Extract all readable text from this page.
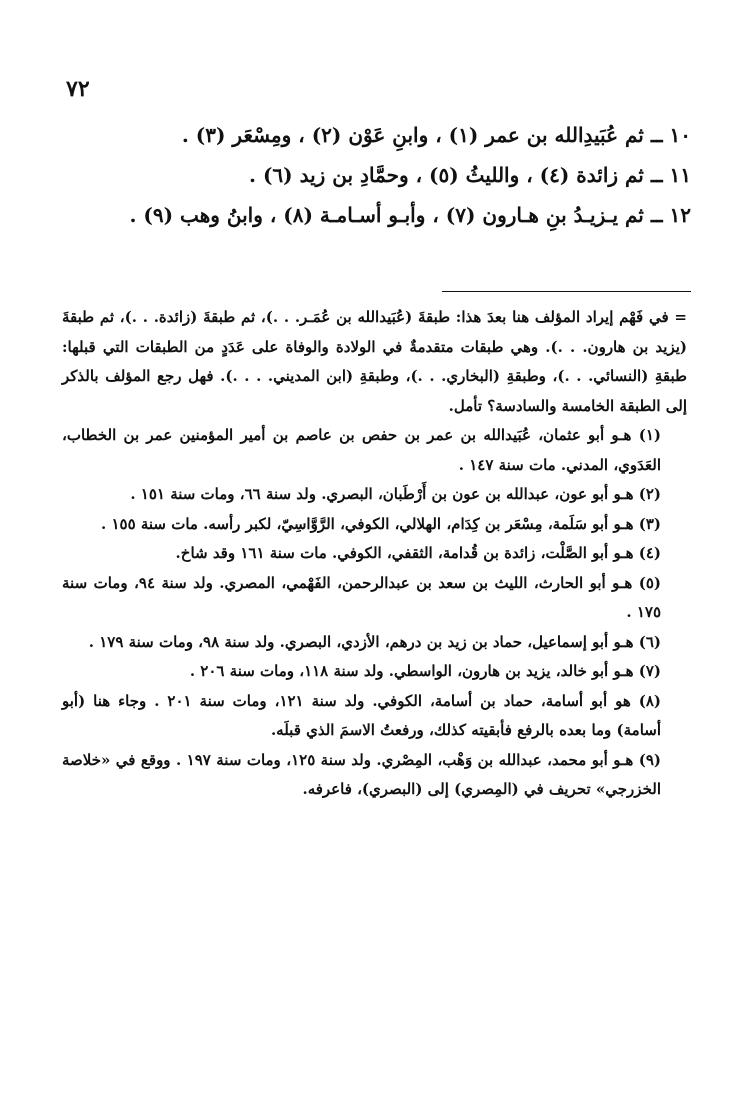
٧٢

١٠ ــ ثم عُبَيدِالله بن عمر (١) ، وابنِ عَوْن (٢) ، ومِسْعَر (٣) .

١١ ــ ثم زائدة (٤) ، والليثُ (٥) ، وحمَّادِ بن زيد (٦) .

١٢ ــ ثم يـزيـدُ بنِ هـارون (٧) ، وأبـو أسـامـة (٨) ، وابنُ وهب (٩) .

= في فَهْم إيراد المؤلف هنا بعدَ هذا: طبقةَ (عُبَيدالله بن عُمَـر. . .)، ثم طبقةَ (زائدة. . .)، ثم طبقةَ (يزيد بن هارون. . .). وهي طبقات متقدمةٌ في الولادة والوفاة على عَدَدٍ من الطبقات التي قبلها: طبقةِ (النسائي. . .)، وطبقةِ (البخاري. . .)، وطبقةِ (ابن المديني. . . .). فهل رجع المؤلف بالذكر إلى الطبقة الخامسة والسادسة؟ تأمل.

(١) هـو أبو عثمان، عُبَيدالله بن عمر بن حفص بن عاصم بن أمير المؤمنين عمر بن الخطاب، العَدَوي، المدني. مات سنة ١٤٧ .

(٢) هـو أبو عون، عبدالله بن عون بن أَرْطَبان، البصري. ولد سنة ٦٦، ومات سنة ١٥١ .

(٣) هـو أبو سَلَمة، مِسْعَر بن كِدَام، الهلالي، الكوفي، الرَّوَّاسِيّ، لكبر رأسه. مات سنة ١٥٥ .

(٤) هـو أبو الصَّلْت، زائدة بن قُدامة، الثقفي، الكوفي. مات سنة ١٦١ وقد شاخ.

(٥) هـو أبو الحارث، الليث بن سعد بن عبدالرحمن، الفَهْمي، المصري. ولد سنة ٩٤، ومات سنة ١٧٥ .

(٦) هـو أبو إسماعيل، حماد بن زيد بن درهم، الأزدي، البصري. ولد سنة ٩٨، ومات سنة ١٧٩ .

(٧) هـو أبو خالد، يزيد بن هارون، الواسطي. ولد سنة ١١٨، ومات سنة ٢٠٦ .

(٨) هو أبو أسامة، حماد بن أسامة، الكوفي. ولد سنة ١٢١، ومات سنة ٢٠١ . وجاء هنا (أبو أسامة) وما بعده بالرفع فأبقيته كذلك، ورفعتُ الاسمَ الذي قبلَه.

(٩) هـو أبو محمد، عبدالله بن وَهْب، المِصْري. ولد سنة ١٢٥، ومات سنة ١٩٧ . ووقع في «خلاصة الخزرجي» تحريف في (المِصري) إلى (البصري)، فاعرفه.
